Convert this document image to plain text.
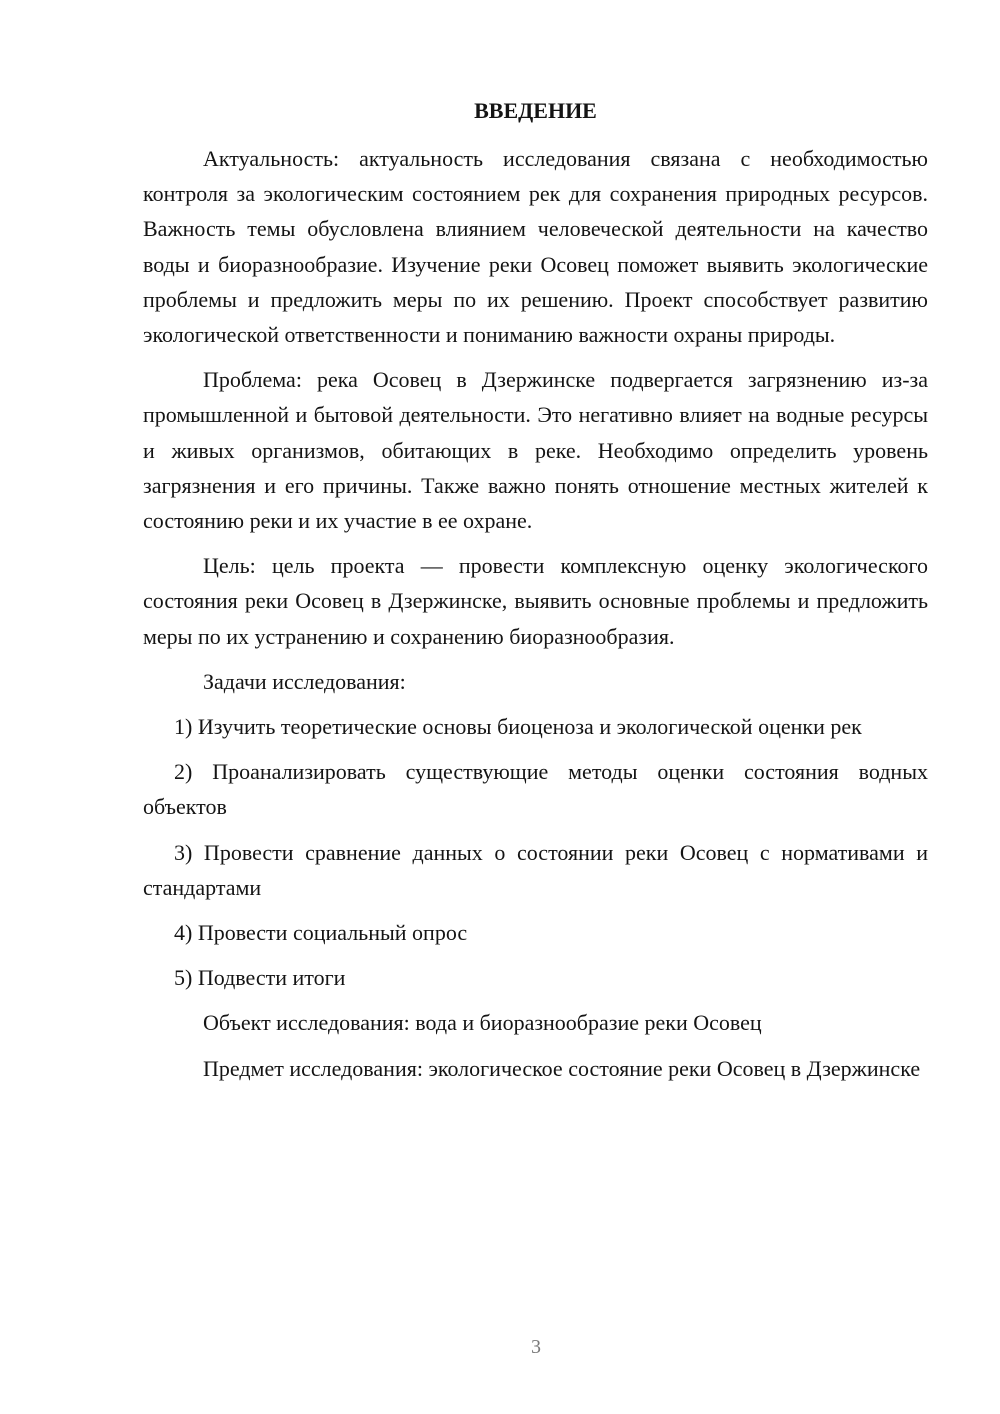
ВВЕДЕНИЕ

Актуальность: актуальность исследования связана с необходимостью контроля за экологическим состоянием рек для сохранения природных ресурсов. Важность темы обусловлена влиянием человеческой деятельности на качество воды и биоразнообразие. Изучение реки Осовец поможет выявить экологические проблемы и предложить меры по их решению. Проект способствует развитию экологической ответственности и пониманию важности охраны природы.

Проблема: река Осовец в Дзержинске подвергается загрязнению из-за промышленной и бытовой деятельности. Это негативно влияет на водные ресурсы и живых организмов, обитающих в реке. Необходимо определить уровень загрязнения и его причины. Также важно понять отношение местных жителей к состоянию реки и их участие в ее охране.

Цель: цель проекта — провести комплексную оценку экологического состояния реки Осовец в Дзержинске, выявить основные проблемы и предложить меры по их устранению и сохранению биоразнообразия.

Задачи исследования:

1) Изучить теоретические основы биоценоза и экологической оценки рек

2) Проанализировать существующие методы оценки состояния водных объектов

3) Провести сравнение данных о состоянии реки Осовец с нормативами и стандартами

4) Провести социальный опрос

5) Подвести итоги

Объект исследования: вода и биоразнообразие реки Осовец

Предмет исследования: экологическое состояние реки Осовец в Дзержинске

3
